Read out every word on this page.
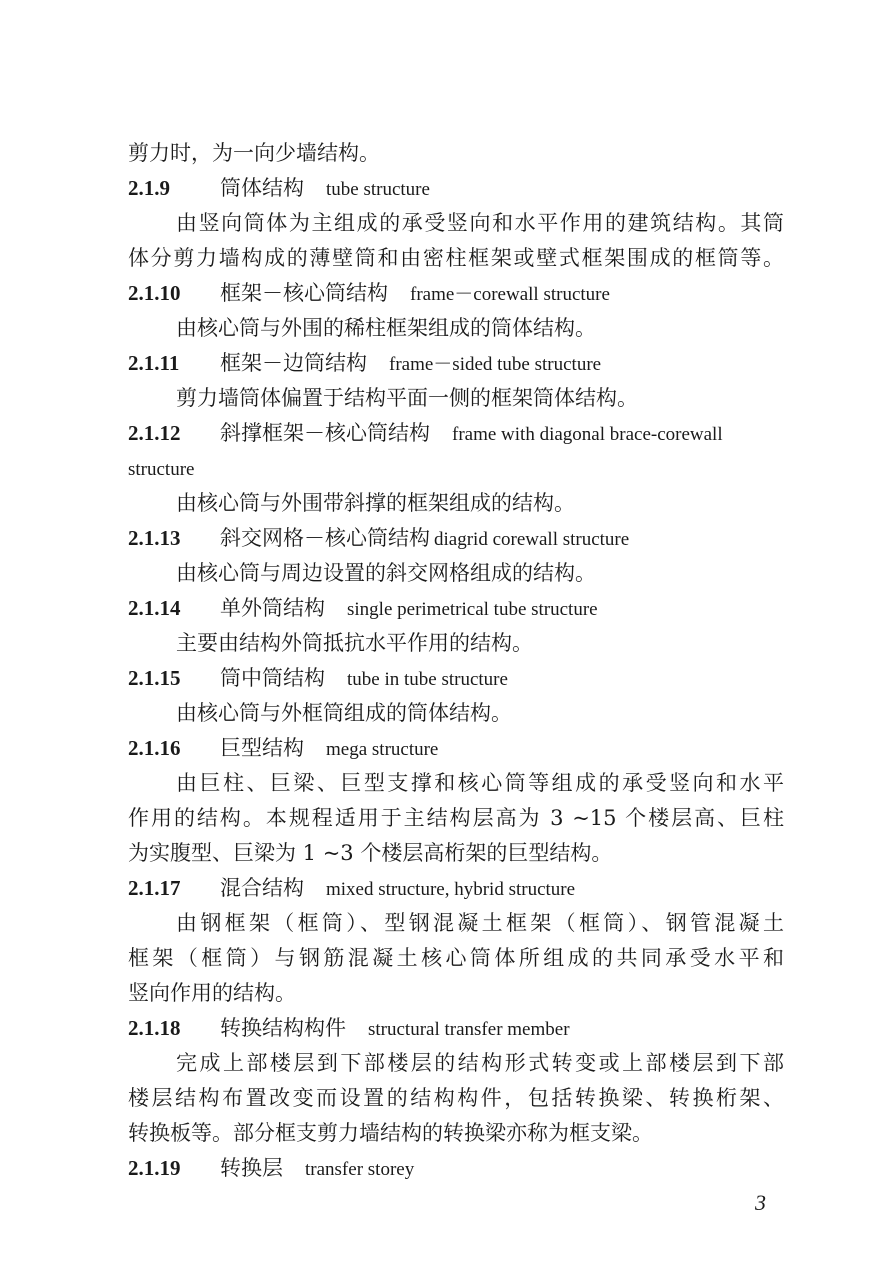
剪力时，为一向少墙结构。
2.1.9 筒体结构 tube structure
由竖向筒体为主组成的承受竖向和水平作用的建筑结构。其筒
体分剪力墙构成的薄壁筒和由密柱框架或壁式框架围成的框筒等。
2.1.10 框架－核心筒结构 frame－corewall structure
由核心筒与外围的稀柱框架组成的筒体结构。
2.1.11 框架－边筒结构 frame－sided tube structure
剪力墙筒体偏置于结构平面一侧的框架筒体结构。
2.1.12 斜撑框架－核心筒结构 frame with diagonal brace-corewall
structure
由核心筒与外围带斜撑的框架组成的结构。
2.1.13 斜交网格－核心筒结构 diagrid corewall structure
由核心筒与周边设置的斜交网格组成的结构。
2.1.14 单外筒结构 single perimetrical tube structure
主要由结构外筒抵抗水平作用的结构。
2.1.15 筒中筒结构 tube in tube structure
由核心筒与外框筒组成的筒体结构。
2.1.16 巨型结构 mega structure
由巨柱、巨梁、巨型支撑和核心筒等组成的承受竖向和水平
作用的结构。本规程适用于主结构层高为 3 ~15 个楼层高、巨柱
为实腹型、巨梁为 1 ~3 个楼层高桁架的巨型结构。
2.1.17 混合结构 mixed structure, hybrid structure
由钢框架（框筒）、型钢混凝土框架（框筒）、钢管混凝土
框架（框筒）与钢筋混凝土核心筒体所组成的共同承受水平和
竖向作用的结构。
2.1.18 转换结构构件 structural transfer member
完成上部楼层到下部楼层的结构形式转变或上部楼层到下部
楼层结构布置改变而设置的结构构件，包括转换梁、转换桁架、
转换板等。部分框支剪力墙结构的转换梁亦称为框支梁。
2.1.19 转换层 transfer storey
3
